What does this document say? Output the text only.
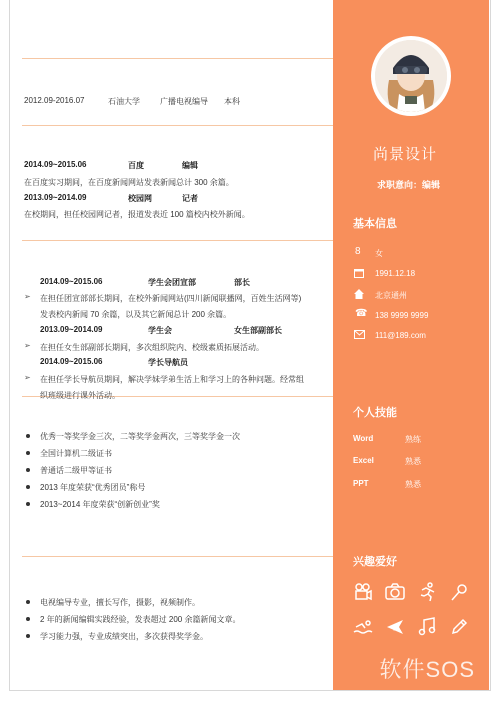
2012.09-2016.07	石油大学	广播电视编导 本科
2014.09~2015.06	百度	编辑
在百度实习期间，在百度新闻网站发表新闻总计 300 余篇。
2013.09~2014.09	校园网	记者
在校期间，担任校园网记者，报道发表近 100 篇校内校外新闻。
2014.09~2015.06	学生会团宣部	部长
➢ 在担任团宣部部长期间，在校外新闻网站(四川新闻联播网，百姓生活网等)
发表校内新闻 70 余篇，以及其它新闻总计 200 余篇。
2013.09~2014.09	学生会	女生部副部长
➢ 在担任女生部副部长期间，多次组织院内、校级素质拓展活动。
2014.09~2015.06	学长导航员
➢ 在担任学长导航员期间，解决学妹学弟生活上和学习上的各种问题。经常组
织班级进行课外活动。
优秀一等奖学金三次，二等奖学金两次，三等奖学金一次
全国计算机二级证书
普通话二级甲等证书
2013 年度荣获“优秀团员”称号
2013~2014 年度荣获“创新创业”奖
电视编导专业，擅长写作，摄影，视频制作。
2 年的新闻编辑实践经验，发表超过 200 余篇新闻文章。
学习能力强，专业成绩突出，多次获得奖学金。
尚景设计
求职意向：编辑
基本信息
8 女
1991.12.18
北京通州
☎ 138 9999 9999
111@189.com
个人技能
Word	熟练
Excel	熟悉
PPT	熟悉
兴趣爱好
软件SOS
